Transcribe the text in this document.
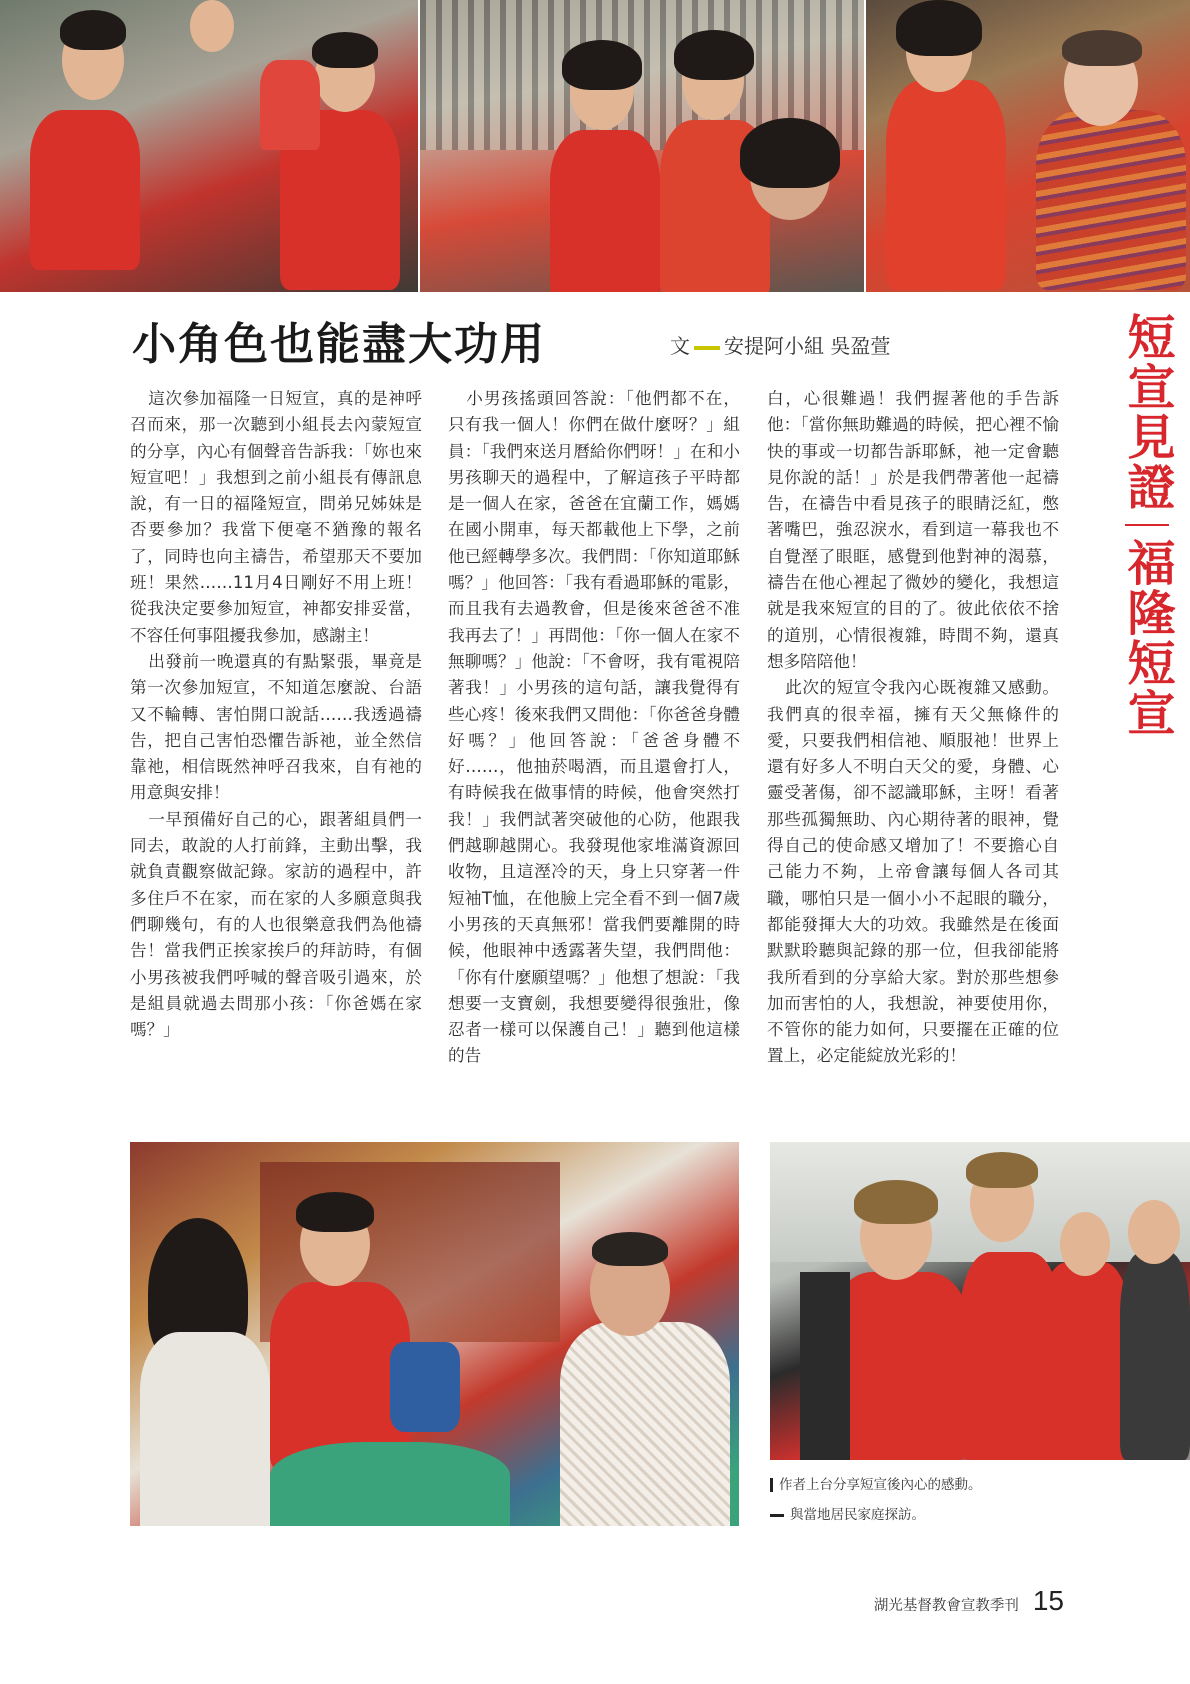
小角色也能盡大功用	文 安提阿小組 吳盈萱	短宣見證
福隆短宣

這次參加福隆一日短宣，真的是神呼召而來，那一次聽到小組長去內蒙短宣的分享，內心有個聲音告訴我：「妳也來短宣吧！」我想到之前小組長有傳訊息說，有一日的福隆短宣，問弟兄姊妹是否要參加？我當下便毫不猶豫的報名了，同時也向主禱告，希望那天不要加班！果然……11月4日剛好不用上班！從我決定要參加短宣，神都安排妥當，不容任何事阻擾我參加，感謝主！

出發前一晚還真的有點緊張，畢竟是第一次參加短宣，不知道怎麼說、台語又不輪轉、害怕開口說話……我透過禱告，把自己害怕恐懼告訴祂，並全然信靠祂，相信既然神呼召我來，自有祂的用意與安排！

一早預備好自己的心，跟著組員們一同去，敢說的人打前鋒，主動出擊，我就負責觀察做記錄。家訪的過程中，許多住戶不在家，而在家的人多願意與我們聊幾句，有的人也很樂意我們為他禱告！當我們正挨家挨戶的拜訪時，有個小男孩被我們呼喊的聲音吸引過來，於是組員就過去問那小孩：「你爸媽在家嗎？」

小男孩搖頭回答說：「他們都不在，只有我一個人！你們在做什麼呀？」組員：「我們來送月曆給你們呀！」在和小男孩聊天的過程中，了解這孩子平時都是一個人在家，爸爸在宜蘭工作，媽媽在國小開車，每天都載他上下學，之前他已經轉學多次。我們問：「你知道耶穌嗎？」他回答：「我有看過耶穌的電影，而且我有去過教會，但是後來爸爸不准我再去了！」再問他：「你一個人在家不無聊嗎？」他說：「不會呀，我有電視陪著我！」小男孩的這句話，讓我覺得有些心疼！後來我們又問他：「你爸爸身體好嗎？」他回答說：「爸爸身體不好……，他抽菸喝酒，而且還會打人，有時候我在做事情的時候，他會突然打我！」我們試著突破他的心防，他跟我們越聊越開心。我發現他家堆滿資源回收物，且這溼冷的天，身上只穿著一件短袖T恤，在他臉上完全看不到一個7歲小男孩的天真無邪！當我們要離開的時候，他眼神中透露著失望，我們問他：「你有什麼願望嗎？」他想了想說：「我想要一支寶劍，我想要變得很強壯，像忍者一樣可以保護自己！」聽到他這樣的告

白，心很難過！我們握著他的手告訴他：「當你無助難過的時候，把心裡不愉快的事或一切都告訴耶穌，祂一定會聽見你說的話！」於是我們帶著他一起禱告，在禱告中看見孩子的眼睛泛紅，憋著嘴巴，強忍淚水，看到這一幕我也不自覺溼了眼眶，感覺到他對神的渴慕，禱告在他心裡起了微妙的變化，我想這就是我來短宣的目的了。彼此依依不捨的道別，心情很複雜，時間不夠，還真想多陪陪他！

此次的短宣令我內心既複雜又感動。我們真的很幸福，擁有天父無條件的愛，只要我們相信祂、順服祂！世界上還有好多人不明白天父的愛，身體、心靈受著傷，卻不認識耶穌，主呀！看著那些孤獨無助、內心期待著的眼神，覺得自己的使命感又增加了！不要擔心自己能力不夠，上帝會讓每個人各司其職，哪怕只是一個小小不起眼的職分，都能發揮大大的功效。我雖然是在後面默默聆聽與記錄的那一位，但我卻能將我所看到的分享給大家。對於那些想參加而害怕的人，我想說，神要使用你，不管你的能力如何，只要擺在正確的位置上，必定能綻放光彩的！

作者上台分享短宣後內心的感動。
與當地居民家庭探訪。
湖光基督教會宣教季刊 15
